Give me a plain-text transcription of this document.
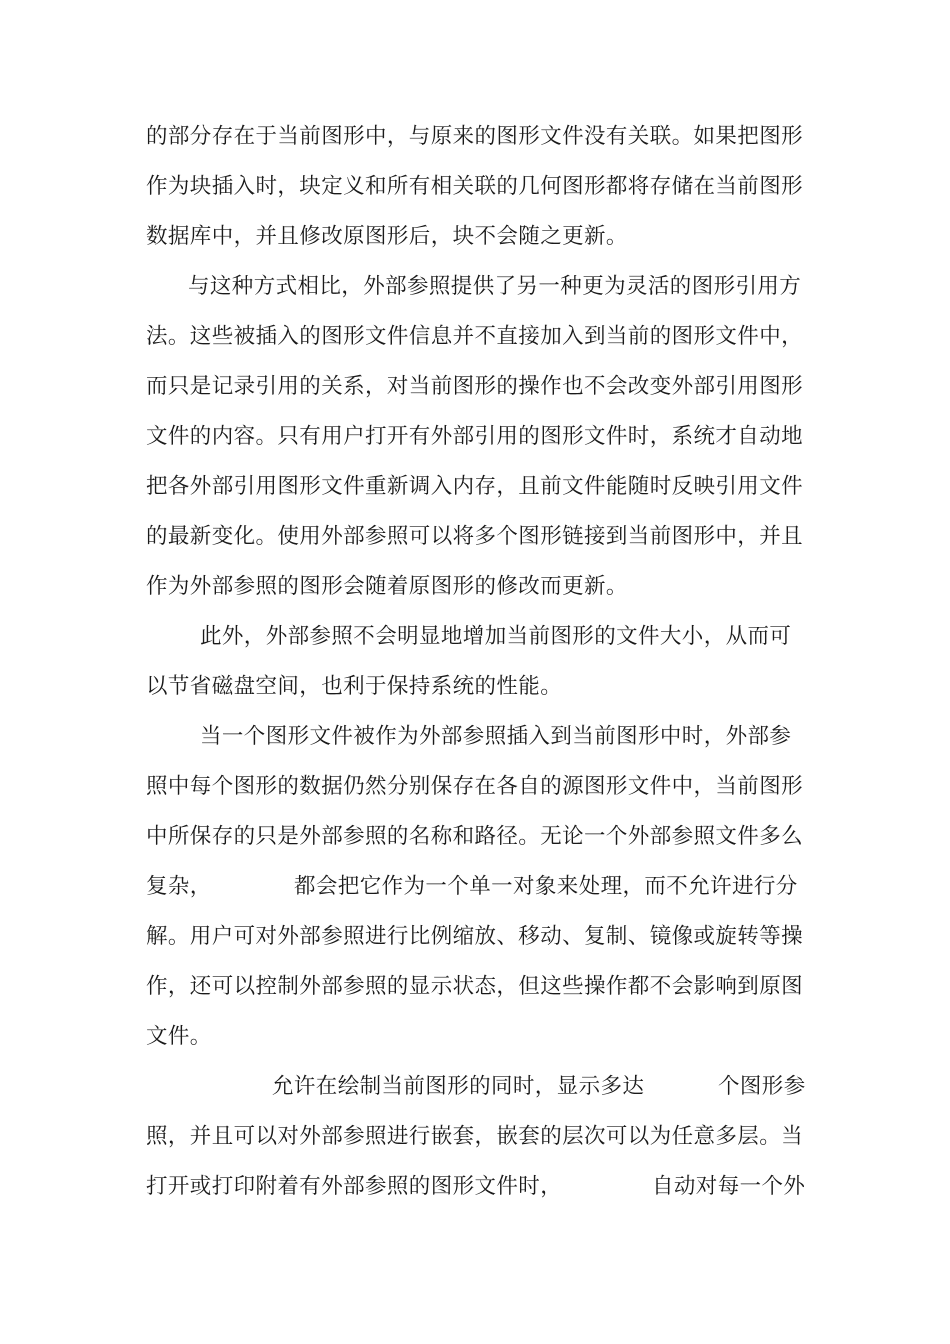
的部分存在于当前图形中，与原来的图形文件没有关联。如果把图形
作为块插入时，块定义和所有相关联的几何图形都将存储在当前图形
数据库中，并且修改原图形后，块不会随之更新。
与这种方式相比，外部参照提供了另一种更为灵活的图形引用方
法。这些被插入的图形文件信息并不直接加入到当前的图形文件中，
而只是记录引用的关系，对当前图形的操作也不会改变外部引用图形
文件的内容。只有用户打开有外部引用的图形文件时，系统才自动地
把各外部引用图形文件重新调入内存，且前文件能随时反映引用文件
的最新变化。使用外部参照可以将多个图形链接到当前图形中，并且
作为外部参照的图形会随着原图形的修改而更新。
此外，外部参照不会明显地增加当前图形的文件大小，从而可
以节省磁盘空间，也利于保持系统的性能。
当一个图形文件被作为外部参照插入到当前图形中时，外部参
照中每个图形的数据仍然分别保存在各自的源图形文件中，当前图形
中所保存的只是外部参照的名称和路径。无论一个外部参照文件多么
复杂，	都会把它作为一个单一对象来处理，而不允许进行分
解。用户可对外部参照进行比例缩放、移动、复制、镜像或旋转等操
作，还可以控制外部参照的显示状态，但这些操作都不会影响到原图
文件。
允许在绘制当前图形的同时，显示多达	个图形参
照，并且可以对外部参照进行嵌套，嵌套的层次可以为任意多层。当
打开或打印附着有外部参照的图形文件时，	自动对每一个外
